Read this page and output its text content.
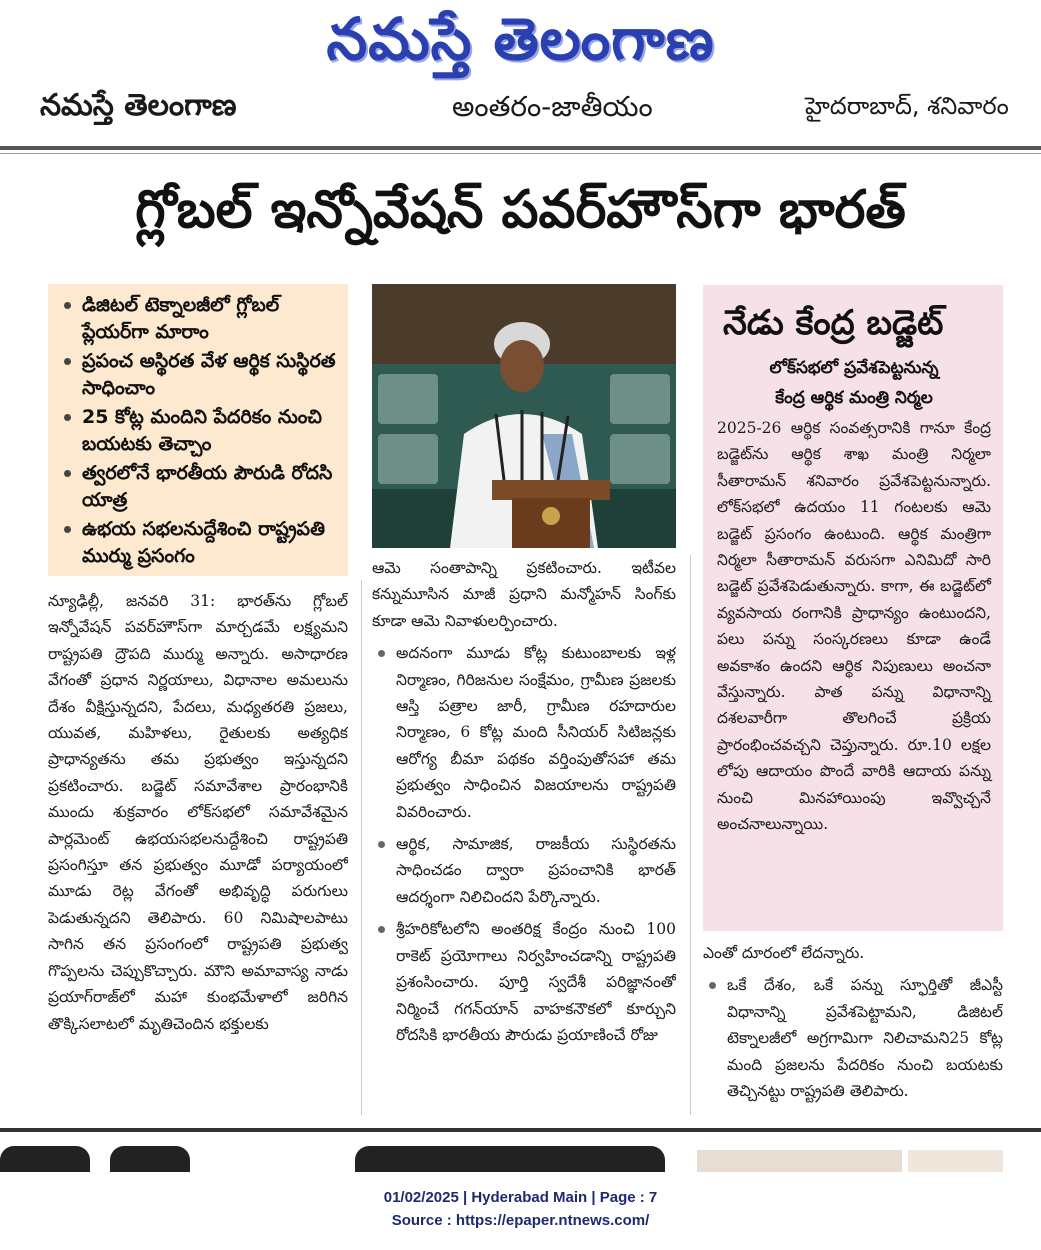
నమస్తే తెలంగాణ
నమస్తే తెలంగాణ	అంతరం-జాతీయం	హైదరాబాద్, శనివారం
గ్లోబల్ ఇన్నోవేషన్ పవర్‌హౌస్‌గా భారత్
డిజిటల్ టెక్నాలజీలో గ్లోబల్ ప్లేయర్‌గా మారాం
ప్రపంచ అస్థిరత వేళ ఆర్థిక సుస్థిరత సాధించాం
25 కోట్ల మందిని పేదరికం నుంచి బయటకు తెచ్చాం
త్వరలోనే భారతీయ పౌరుడి రోదసి యాత్ర
ఉభయ సభలనుద్దేశించి రాష్ట్రపతి ముర్ము ప్రసంగం
నేడు కేంద్ర బడ్జెట్
లోక్‌సభలో ప్రవేశపెట్టనున్న
కేంద్ర ఆర్థిక మంత్రి నిర్మల
2025-26 ఆర్థిక సంవత్సరానికి గానూ కేంద్ర బడ్జెట్‌ను ఆర్థిక శాఖ మంత్రి నిర్మలా సీతారామన్ శనివారం ప్రవేశపెట్టనున్నారు. లోక్‌సభలో ఉదయం 11 గంటలకు ఆమె బడ్జెట్ ప్రసంగం ఉంటుంది. ఆర్థిక మంత్రిగా నిర్మలా సీతారామన్ వరుసగా ఎనిమిదో సారి బడ్జెట్ ప్రవేశపెడుతున్నారు. కాగా, ఈ బడ్జెట్‌లో వ్యవసాయ రంగానికి ప్రాధాన్యం ఉంటుందని, పలు పన్ను సంస్కరణలు కూడా ఉండే అవకాశం ఉందని ఆర్థిక నిపుణులు అంచనా వేస్తున్నారు. పాత పన్ను విధానాన్ని దశలవారీగా తొలగించే ప్రక్రియ ప్రారంభించవచ్చని చెప్తున్నారు. రూ.10 లక్షల లోపు ఆదాయం పొందే వారికి ఆదాయ పన్ను నుంచి మినహాయింపు ఇవ్వొచ్చనే అంచనాలున్నాయి.
న్యూఢిల్లీ, జనవరి 31: భారత్‌ను గ్లోబల్ ఇన్నోవేషన్ పవర్‌హౌస్‌గా మార్చడమే లక్ష్యమని రాష్ట్రపతి ద్రౌపది ముర్ము అన్నారు. అసాధారణ వేగంతో ప్రధాన నిర్ణయాలు, విధానాల అమలును దేశం వీక్షిస్తున్నదని, పేదలు, మధ్యతరతి ప్రజలు, యువత, మహిళలు, రైతులకు అత్యధిక ప్రాధాన్యతను తమ ప్రభుత్వం ఇస్తున్నదని ప్రకటించారు. బడ్జెట్ సమావేశాల ప్రారంభానికి ముందు శుక్రవారం లోక్‌సభలో సమావేశమైన పార్లమెంట్ ఉభయసభలనుద్దేశించి రాష్ట్రపతి ప్రసంగిస్తూ తన ప్రభుత్వం మూడో పర్యాయంలో మూడు రెట్ల వేగంతో అభివృద్ధి పరుగులు పెడుతున్నదని తెలిపారు. 60 నిమిషాలపాటు సాగిన తన ప్రసంగంలో రాష్ట్రపతి ప్రభుత్వ గొప్పలను చెప్పుకొచ్చారు. మౌని అమావాస్య నాడు ప్రయాగ్‌రాజ్‌లో మహా కుంభమేళాలో జరిగిన తొక్కిసలాటలో మృతిచెందిన భక్తులకు
ఆమె సంతాపాన్ని ప్రకటించారు. ఇటీవల కన్నుమూసిన మాజీ ప్రధాని మన్మోహన్ సింగ్‌కు కూడా ఆమె నివాళులర్పించారు.
అదనంగా మూడు కోట్ల కుటుంబాలకు ఇళ్ల నిర్మాణం, గిరిజనుల సంక్షేమం, గ్రామీణ ప్రజలకు ఆస్తి పత్రాల జారీ, గ్రామీణ రహదారుల నిర్మాణం, 6 కోట్ల మంది సీనియర్ సిటిజన్లకు ఆరోగ్య బీమా పథకం వర్తింపుతోసహా తమ ప్రభుత్వం సాధించిన విజయాలను రాష్ట్రపతి వివరించారు.
ఆర్థిక, సామాజిక, రాజకీయ సుస్థిరతను సాధించడం ద్వారా ప్రపంచానికి భారత్ ఆదర్శంగా నిలిచిందని పేర్కొన్నారు.
శ్రీహరికోటలోని అంతరిక్ష కేంద్రం నుంచి 100 రాకెట్ ప్రయోగాలు నిర్వహించడాన్ని రాష్ట్రపతి ప్రశంసించారు. పూర్తి స్వదేశీ పరిజ్ఞానంతో నిర్మించే గగన్‌యాన్ వాహకనౌకలో కూర్చుని రోదసికి భారతీయ పౌరుడు ప్రయాణించే రోజు
ఎంతో దూరంలో లేదన్నారు.
ఒకే దేశం, ఒకే పన్ను స్ఫూర్తితో జీఎస్టీ విధానాన్ని ప్రవేశపెట్టామని, డిజిటల్ టెక్నాలజీలో అగ్రగామిగా నిలిచామని25 కోట్ల మంది ప్రజలను పేదరికం నుంచి బయటకు తెచ్చినట్టు రాష్ట్రపతి తెలిపారు.
01/02/2025 | Hyderabad Main | Page : 7
Source : https://epaper.ntnews.com/
